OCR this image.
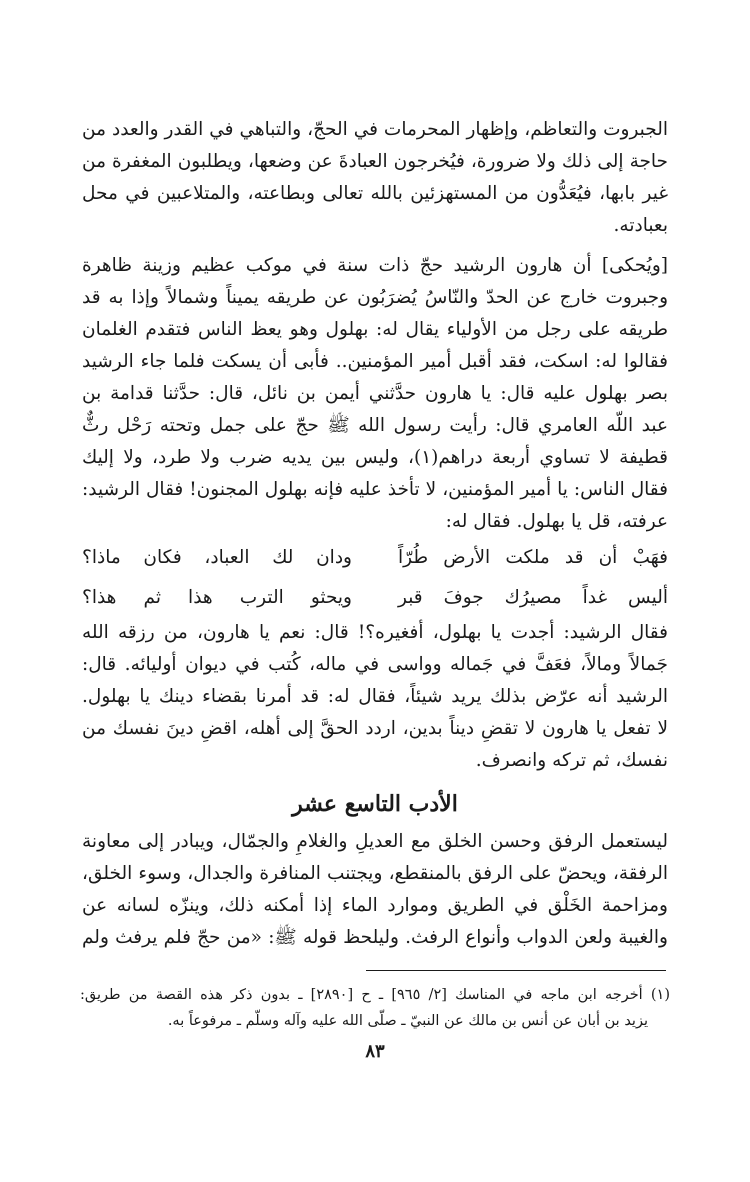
الجبروت والتعاظم، وإظهار المحرمات في الحجّ، والتباهي في القدر والعدد من
حاجة إلى ذلك ولا ضرورة، فيُخرجون العبادةَ عن وضعها، ويطلبون المغفرة من
غير بابها، فيُعَدُّون من المستهزئين بالله تعالى وبطاعته، والمتلاعبين في محل
بعبادته.
[ويُحكى] أن هارون الرشيد حجّ ذات سنة في موكب عظيم وزينة ظاهرة
وجبروت خارج عن الحدّ والنّاسُ يُضرَبُون عن طريقه يميناً وشمالاً وإذا به قد
طريقه على رجل من الأولياء يقال له: بهلول وهو يعظ الناس فتقدم الغلمان
فقالوا له: اسكت، فقد أقبل أمير المؤمنين.. فأبى أن يسكت فلما جاء الرشيد
بصر بهلول عليه قال: يا هارون حدَّثني أيمن بن نائل، قال: حدَّثنا قدامة بن
عبد اللّه العامري قال: رأيت رسول الله ﷺ حجّ على جمل وتحته رَحْل رثٌّ
قطيفة لا تساوي أربعة دراهم(١)، وليس بين يديه ضرب ولا طرد، ولا إليك
فقال الناس: يا أمير المؤمنين، لا تأخذ عليه فإنه بهلول المجنون! فقال الرشيد:
عرفته، قل يا بهلول. فقال له:
فهَبْ أن قد ملكت الأرض طُرّاً
ودان لك العباد، فكان ماذا؟
أليس غداً مصيرُك جوفَ قبر
ويحثو الترب هذا ثم هذا؟
فقال الرشيد: أجدت يا بهلول، أفغيره؟! قال: نعم يا هارون، من رزقه الله
جَمالاً ومالاً، فعَفَّ في جَماله وواسى في ماله، كُتب في ديوان أوليائه. قال:
الرشيد أنه عرّض بذلك يريد شيئاً، فقال له: قد أمرنا بقضاء دينك يا بهلول.
لا تفعل يا هارون لا تقضِ ديناً بدين، اردد الحقَّ إلى أهله، اقضِ دينَ نفسك من
نفسك، ثم تركه وانصرف.
الأدب التاسع عشر
ليستعمل الرفق وحسن الخلق مع العديلِ والغلامِ والجمّال، ويبادر إلى معاونة
الرفقة، ويحضّ على الرفق بالمنقطع، ويجتنب المنافرة والجدال، وسوء الخلق،
ومزاحمة الخَلْق في الطريق وموارد الماء إذا أمكنه ذلك، وينزّه لسانه عن
والغيبة ولعن الدواب وأنواع الرفث. وليلحظ قوله ﷺ: «من حجّ فلم يرفث ولم
(١) أخرجه ابن ماجه في المناسك [٢/ ٩٦٥] ـ ح [٢٨٩٠] ـ بدون ذكر هذه القصة من طريق:
يزيد بن أبان عن أنس بن مالك عن النبيّ ـ صلّى الله عليه وآله وسلّم ـ مرفوعاً به.
٨٣
